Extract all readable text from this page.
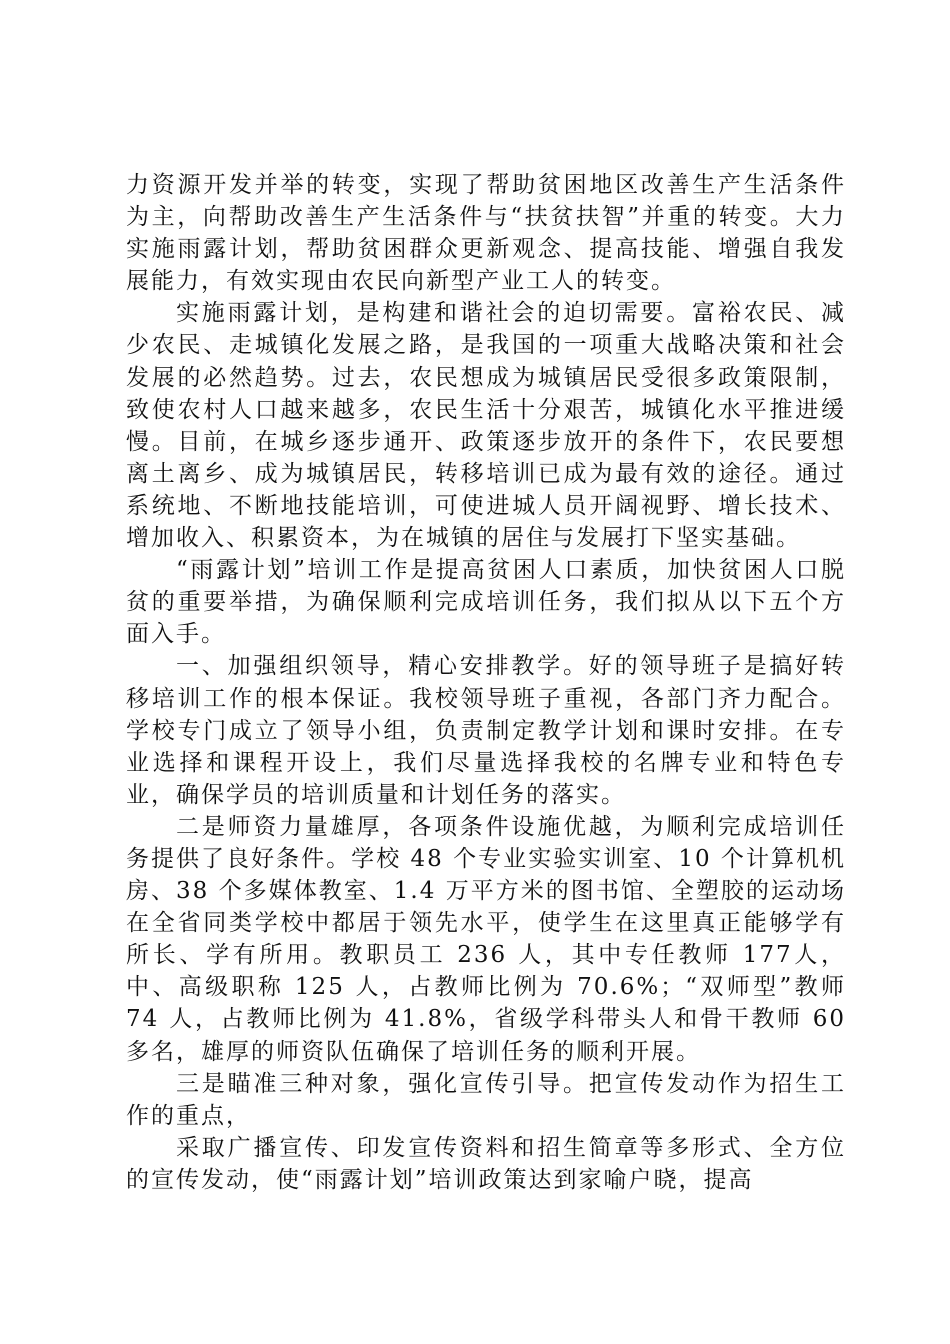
力资源开发并举的转变，实现了帮助贫困地区改善生产生活条件为主，向帮助改善生产生活条件与“扶贫扶智”并重的转变。大力实施雨露计划，帮助贫困群众更新观念、提高技能、增强自我发展能力，有效实现由农民向新型产业工人的转变。

实施雨露计划，是构建和谐社会的迫切需要。富裕农民、减少农民、走城镇化发展之路，是我国的一项重大战略决策和社会发展的必然趋势。过去，农民想成为城镇居民受很多政策限制，致使农村人口越来越多，农民生活十分艰苦，城镇化水平推进缓慢。目前，在城乡逐步通开、政策逐步放开的条件下，农民要想离土离乡、成为城镇居民，转移培训已成为最有效的途径。通过系统地、不断地技能培训，可使进城人员开阔视野、增长技术、增加收入、积累资本，为在城镇的居住与发展打下坚实基础。

“雨露计划”培训工作是提高贫困人口素质，加快贫困人口脱贫的重要举措，为确保顺利完成培训任务，我们拟从以下五个方面入手。

一、加强组织领导，精心安排教学。好的领导班子是搞好转移培训工作的根本保证。我校领导班子重视，各部门齐力配合。学校专门成立了领导小组，负责制定教学计划和课时安排。在专业选择和课程开设上，我们尽量选择我校的名牌专业和特色专业，确保学员的培训质量和计划任务的落实。

二是师资力量雄厚，各项条件设施优越，为顺利完成培训任务提供了良好条件。学校 48 个专业实验实训室、10 个计算机机房、38 个多媒体教室、1.4 万平方米的图书馆、全塑胶的运动场在全省同类学校中都居于领先水平，使学生在这里真正能够学有所长、学有所用。教职员工 236 人，其中专任教师 177人，中、高级职称 125 人，占教师比例为 70.6%；“双师型”教师 74 人，占教师比例为 41.8%，省级学科带头人和骨干教师 60多名，雄厚的师资队伍确保了培训任务的顺利开展。

三是瞄准三种对象，强化宣传引导。把宣传发动作为招生工作的重点，

采取广播宣传、印发宣传资料和招生简章等多形式、全方位的宣传发动，使“雨露计划”培训政策达到家喻户晓，提高
